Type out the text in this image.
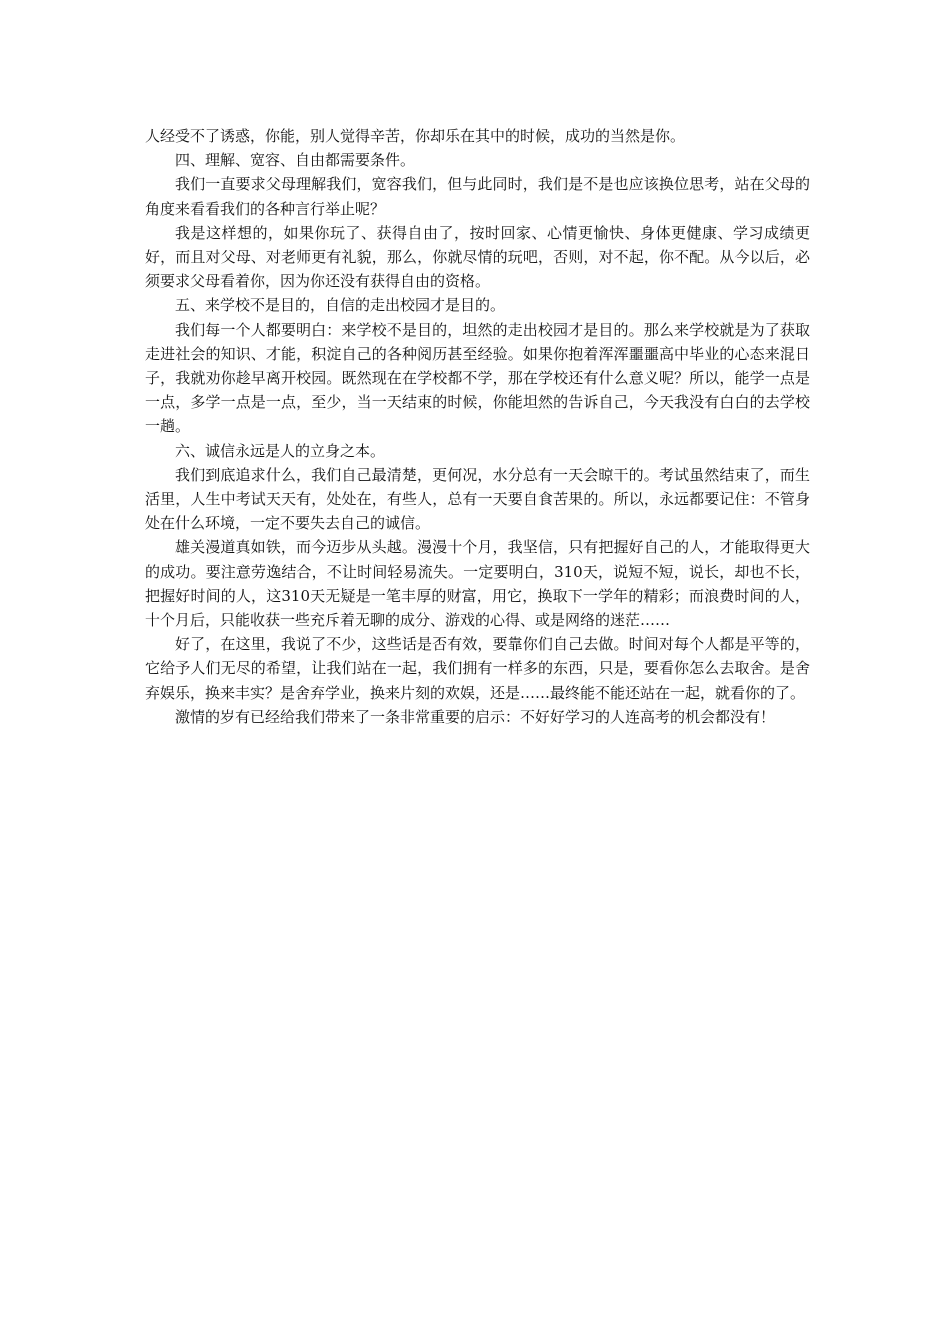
人经受不了诱惑，你能，别人觉得辛苦，你却乐在其中的时候，成功的当然是你。

四、理解、宽容、自由都需要条件。

我们一直要求父母理解我们，宽容我们，但与此同时，我们是不是也应该换位思考，站在父母的角度来看看我们的各种言行举止呢？

我是这样想的，如果你玩了、获得自由了，按时回家、心情更愉快、身体更健康、学习成绩更好，而且对父母、对老师更有礼貌，那么，你就尽情的玩吧，否则，对不起，你不配。从今以后，必须要求父母看着你，因为你还没有获得自由的资格。

五、来学校不是目的，自信的走出校园才是目的。

我们每一个人都要明白：来学校不是目的，坦然的走出校园才是目的。那么来学校就是为了获取走进社会的知识、才能，积淀自己的各种阅历甚至经验。如果你抱着浑浑噩噩高中毕业的心态来混日子，我就劝你趁早离开校园。既然现在在学校都不学，那在学校还有什么意义呢？所以，能学一点是一点，多学一点是一点，至少，当一天结束的时候，你能坦然的告诉自己，今天我没有白白的去学校一趟。

六、诚信永远是人的立身之本。

我们到底追求什么，我们自己最清楚，更何况，水分总有一天会晾干的。考试虽然结束了，而生活里，人生中考试天天有，处处在，有些人，总有一天要自食苦果的。所以，永远都要记住：不管身处在什么环境，一定不要失去自己的诚信。

雄关漫道真如铁，而今迈步从头越。漫漫十个月，我坚信，只有把握好自己的人，才能取得更大的成功。要注意劳逸结合，不让时间轻易流失。一定要明白，310天，说短不短，说长，却也不长，把握好时间的人，这310天无疑是一笔丰厚的财富，用它，换取下一学年的精彩；而浪费时间的人，十个月后，只能收获一些充斥着无聊的成分、游戏的心得、或是网络的迷茫……

好了，在这里，我说了不少，这些话是否有效，要靠你们自己去做。时间对每个人都是平等的，它给予人们无尽的希望，让我们站在一起，我们拥有一样多的东西，只是，要看你怎么去取舍。是舍弃娱乐，换来丰实？是舍弃学业，换来片刻的欢娱，还是……最终能不能还站在一起，就看你的了。

激情的岁有已经给我们带来了一条非常重要的启示：不好好学习的人连高考的机会都没有！
